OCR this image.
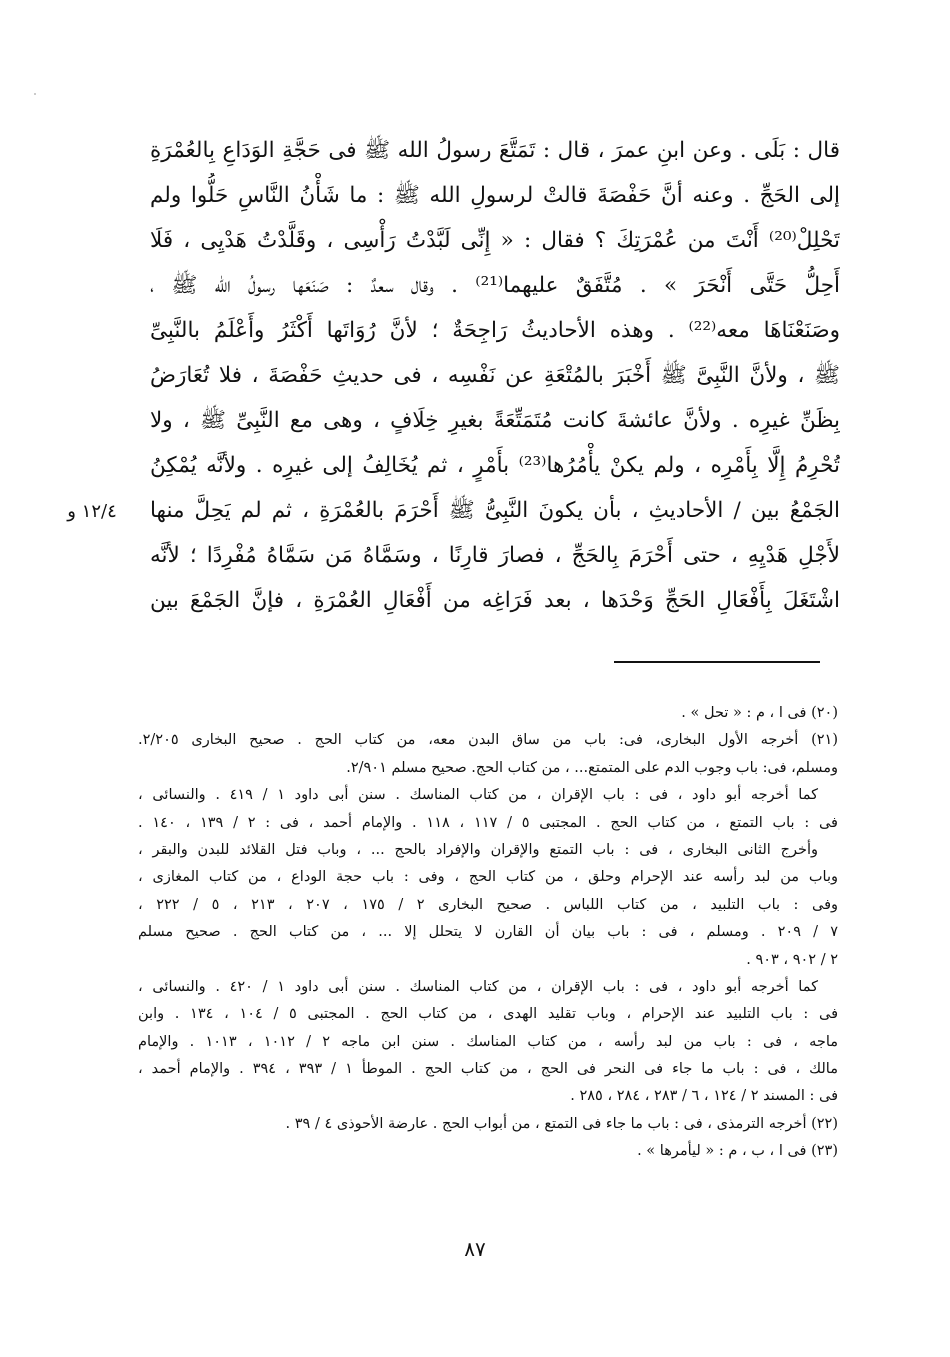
قال : بَلَى . وعن ابنِ عمرَ ، قال : تَمَتَّعَ رسولُ الله ﷺ فى حَجَّةِ الوَدَاعِ بِالعُمْرَةِ
إلى الحَجِّ . وعنه أنَّ حَفْصَةَ قالتْ لرسولِ الله ﷺ : ما شَأْنُ النَّاسِ حَلُّوا ولم
تَحْلِلْ⁽²⁰⁾ أَنْتَ من عُمْرَتِكَ ؟ فقال : « إِنِّى لَبَّدْتُ رَأْسِى ، وقَلَّدْتُ هَدْيِى ، فَلَا
أَحِلُّ حَتَّى أَنْحَرَ » . مُتَّفَقٌ عليهما⁽²¹⁾ . وقال سعدٌ : صَنَعَها رسولُ الله ﷺ ،
وصَنَعْنَاهَا معه⁽²²⁾ . وهذه الأحاديثُ رَاجِحَةٌ ؛ لأنَّ رُوَاتَها أَكْثَرُ وأَعْلَمُ بالنَّبِىِّ
ﷺ ، ولأنَّ النَّبِىَّ ﷺ أَخْبَرَ بالمُتْعَةِ عن نَفْسِه ، فى حديثِ حَفْصَةَ ، فلا تُعَارَضُ
بِظَنِّ غيرِه . ولأنَّ عائشةَ كانت مُتَمَتِّعَةً بغيرِ خِلَافٍ ، وهى مع النَّبِىِّ ﷺ ، ولا
تُحْرِمُ إِلَّا بِأَمْرِه ، ولم يكنْ يأْمُرُها⁽²³⁾ بأَمْرٍ ، ثم يُخَالِفُ إلى غيرِه . ولأنَّه يُمْكِنُ
الجَمْعُ بين / الأحاديثِ ، بأن يكونَ النَّبِىُّ ﷺ أَحْرَمَ بالعُمْرَةِ ، ثم لم يَحِلَّ منها
لأَجْلِ هَدْيِهِ ، حتى أَحْرَمَ بِالحَجِّ ، فصارَ قارِنًا ، وسَمَّاهُ مَن سَمَّاهُ مُفْرِدًا ؛ لأنَّه
اشْتَغَلَ بِأَفْعَالِ الحَجِّ وَحْدَها ، بعد فَرَاغِه من أَفْعَالِ العُمْرَةِ ، فإنَّ الجَمْعَ بين
١٢/٤ و
(٢٠) فى ا ، م : « تحل » .
(٢١) أخرجه الأول البخارى، فى: باب من ساق البدن معه، من كتاب الحج . صحيح البخارى ٢/٢٠٥.
ومسلم، فى: باب وجوب الدم على المتمتع... ، من كتاب الحج. صحيح مسلم ٢/٩٠١.
كما أخرجه أبو داود ، فى : باب الإقران ، من كتاب المناسك . سنن أبى داود ١ / ٤١٩ . والنسائى ،
فى : باب التمتع ، من كتاب الحج . المجتبى ٥ / ١١٧ ، ١١٨ . والإمام أحمد ، فى : ٢ / ١٣٩ ، ١٤٠ .
وأخرج الثانى البخارى ، فى : باب التمتع والإقران والإفراد بالحج ... ، وباب فتل القلائد للبدن والبقر ،
وباب من لبد رأسه عند الإحرام وحلق ، من كتاب الحج ، وفى : باب حجة الوداع ، من كتاب المغازى ،
وفى : باب التلبيد ، من كتاب اللباس . صحيح البخارى ٢ / ١٧٥ ، ٢٠٧ ، ٢١٣ ، ٥ / ٢٢٢ ،
٧ / ٢٠٩ . ومسلم ، فى : باب بيان أن القارن لا يتحلل إلا ... ، من كتاب الحج . صحيح مسلم
٢ / ٩٠٢ ، ٩٠٣ .
كما أخرجه أبو داود ، فى : باب الإقران ، من كتاب المناسك . سنن أبى داود ١ / ٤٢٠ . والنسائى ،
فى : باب التلبيد عند الإحرام ، وباب تقليد الهدى ، من كتاب الحج . المجتبى ٥ / ١٠٤ ، ١٣٤ . وابن
ماجه ، فى : باب من لبد رأسه ، من كتاب المناسك . سنن ابن ماجه ٢ / ١٠١٢ ، ١٠١٣ . والإمام
مالك ، فى : باب ما جاء فى النحر فى الحج ، من كتاب الحج . الموطأ ١ / ٣٩٣ ، ٣٩٤ . والإمام أحمد ،
فى : المسند ٢ / ١٢٤ ، ٦ / ٢٨٣ ، ٢٨٤ ، ٢٨٥ .
(٢٢) أخرجه الترمذى ، فى : باب ما جاء فى التمتع ، من أبواب الحج . عارضة الأحوذى ٤ / ٣٩ .
(٢٣) فى ا ، ب ، م : « ليأمرها » .
٨٧
